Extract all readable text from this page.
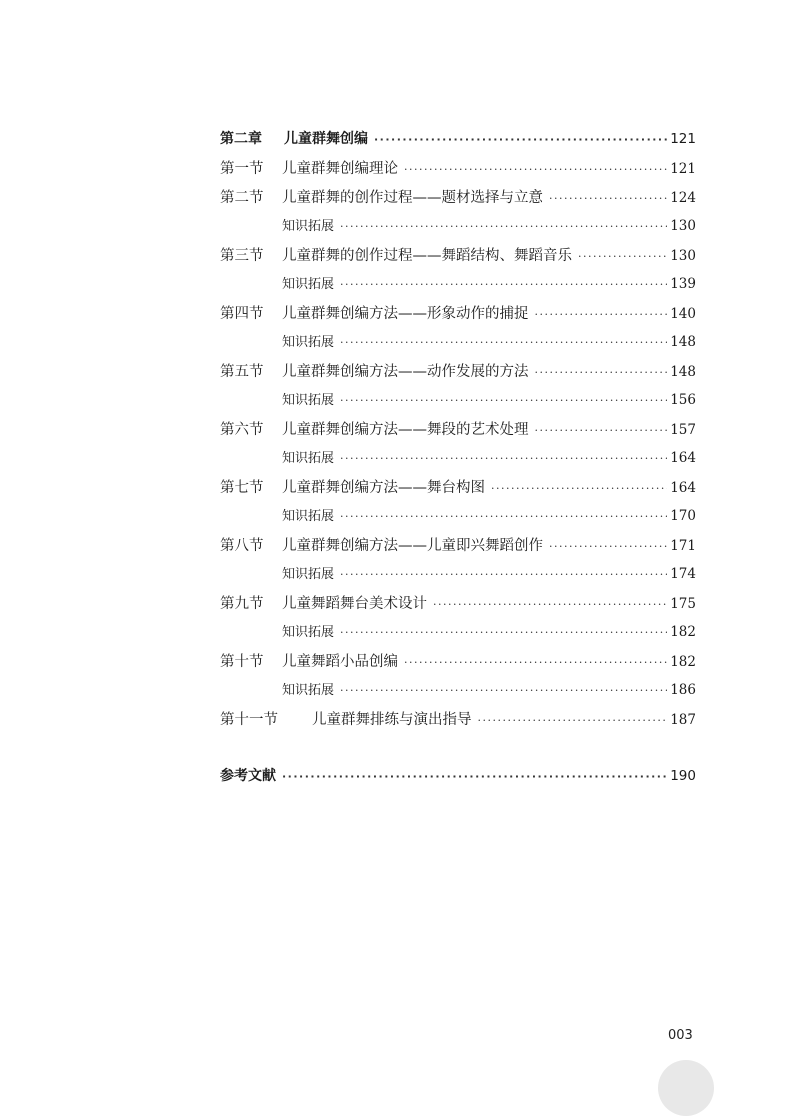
第二章	儿童群舞创编 ·····	121
第一节	儿童群舞创编理论 ·····	121
第二节	儿童群舞的创作过程——题材选择与立意 ·····	124
知识拓展 ·····	130
第三节	儿童群舞的创作过程——舞蹈结构、舞蹈音乐 ·····	130
知识拓展 ·····	139
第四节	儿童群舞创编方法——形象动作的捕捉 ·····	140
知识拓展 ·····	148
第五节	儿童群舞创编方法——动作发展的方法 ·····	148
知识拓展 ·····	156
第六节	儿童群舞创编方法——舞段的艺术处理 ·····	157
知识拓展 ·····	164
第七节	儿童群舞创编方法——舞台构图 ·····	164
知识拓展 ·····	170
第八节	儿童群舞创编方法——儿童即兴舞蹈创作 ·····	171
知识拓展 ·····	174
第九节	儿童舞蹈舞台美术设计 ·····	175
知识拓展 ·····	182
第十节	儿童舞蹈小品创编 ·····	182
知识拓展 ·····	186
第十一节	儿童群舞排练与演出指导 ·····	187
参考文献 ·····	190
003
